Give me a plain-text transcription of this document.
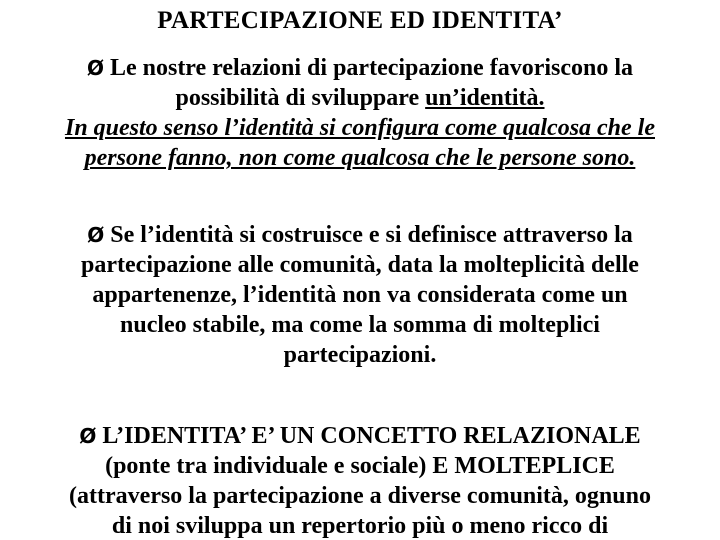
PARTECIPAZIONE ED IDENTITA’
Ø Le nostre relazioni di partecipazione favoriscono la
possibilità di sviluppare un’identità.
In questo senso l’identità si configura come qualcosa che le
persone fanno, non come qualcosa che le persone sono.
Ø Se l’identità si costruisce e si definisce attraverso la
partecipazione alle comunità, data la molteplicità delle
appartenenze, l’identità non va considerata come un
nucleo stabile, ma come la somma di molteplici
partecipazioni.
Ø L’IDENTITA’ E’ UN CONCETTO RELAZIONALE
(ponte tra individuale e sociale) E MOLTEPLICE
(attraverso la partecipazione a diverse comunità, ognuno
di noi sviluppa un repertorio più o meno ricco di
